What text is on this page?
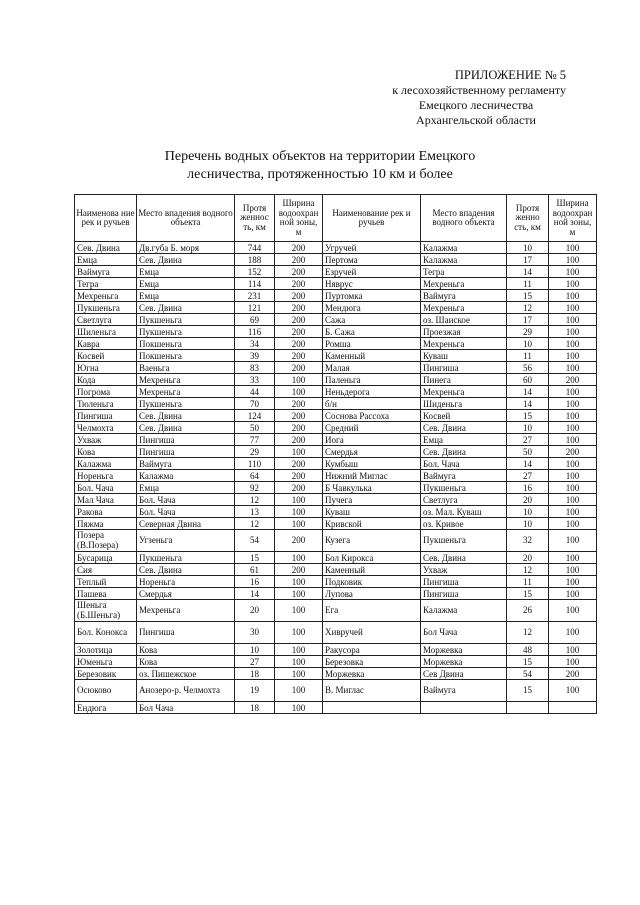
ПРИЛОЖЕНИЕ № 5
к лесохозяйственному регламенту
Емецкого лесничества
Архангельской области
Перечень водных объектов на территории Емецкого
лесничества, протяженностью 10 км и более
Наименова ние рек и ручьев	Место впадения водного объекта	Протя женнос ть, км	Ширина водоохран ной зоны, м	Наименование рек и ручьев	Место впадения водного объекта	Протя женно сть, км	Ширина водоохран ной зоны, м
Сев. Двина	Дв.губа Б. моря	744	200	Угручей	Калажма	10	100
Емца	Сев. Двина	188	200	Пертома	Калажма	17	100
Ваймуга	Емца	152	200	Езручей	Тегра	14	100
Тегра	Емца	114	200	Няврус	Мехреньга	11	100
Мехреньга	Емца	231	200	Пуртомка	Ваймуга	15	100
Пукшеньга	Сев. Двина	121	200	Мендюга	Мехреньга	12	100
Светлуга	Пукшеньга	69	200	Сажа	оз. Шаиское	17	100
Шиленьга	Пукшеньга	116	200	Б. Сажа	Проезжая	29	100
Кавра	Покшеньга	34	200	Ромша	Мехреньга	10	100
Косвей	Покшеньга	39	200	Каменный	Куваш	11	100
Югна	Ваеньга	83	200	Малая	Пингиша	56	100
Кода	Мехреньга	33	100	Паленьга	Пинега	60	200
Погрома	Мехреньга	44	100	Неньдерога	Мехреньга	14	100
Тюленьга	Пукшеньга	70	200	б/н	Шиденьга	14	100
Пингиша	Сев. Двина	124	200	Соснова Рассоха	Косвей	15	100
Челмохта	Сев. Двина	50	200	Средний	Сев. Двина	10	100
Ухваж	Пингиша	77	200	Иога	Емца	27	100
Кова	Пингиша	29	100	Смердья	Сев. Двина	50	200
Калажма	Ваймуга	110	200	Кумбыш	Бол. Чача	14	100
Нореньга	Калажма	64	200	Нижний Миглас	Ваймуга	27	100
Бол. Чача	Емца	92	200	Б Чавкулька	Пукшеньга	16	100
Мал Чача	Бол. Чача	12	100	Пучега	Светлуга	20	100
Ракова	Бол. Чача	13	100	Куваш	оз. Мал. Куваш	10	100
Пяжма	Северная Двина	12	100	Кривской	оз. Кривое	10	100
Позера (В.Позера)	Угзеньга	54	200	Кузега	Пукшеньга	32	100
Бусарица	Пукшеньга	15	100	Бол Кирокса	Сев. Двина	20	100
Сия	Сев. Двина	61	200	Каменный	Ухваж	12	100
Теплый	Нореньга	16	100	Подковик	Пингиша	11	100
Пашева	Смердья	14	100	Лупова	Пингиша	15	100
Шеньга (Б.Шеньга)	Мехреньга	20	100	Ега	Калажма	26	100
Бол. Конокса	Пингиша	30	100	Хивручей	Бол Чача	12	100
Золотица	Кова	10	100	Ракусора	Моржевка	48	100
Юменьга	Кова	27	100	Березовка	Моржевка	15	100
Березовик	оз. Пишежское	18	100	Моржевка	Сев Двина	54	200
Осюково	Анозеро-р. Челмохта	19	100	В. Миглас	Ваймуга	15	100
Ендюга	Бол Чача	18	100				
